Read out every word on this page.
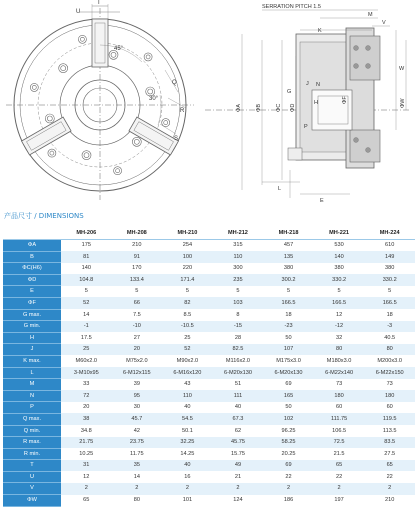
T
U
45°
30°
Q
R
S
SERRATION PITCH 1.5
M
V
K
W
G
J N
H
P
ΦA	ΦB	ΦC ΦD
ΦF	ΦW
L
E
产品尺寸 / DIMENSIONS
	MH-206	MH-208	MH-210	MH-212	MH-218	MH-221	MH-224
ΦA	175	210	254	315	457	530	610
B	81	91	100	110	135	140	149
ΦC(H6)	140	170	220	300	380	380	380
ΦD	104.8	133.4	171.4	235	300.2	330.2	330.2
E	5	5	5	5	5	5	5
ΦF	52	66	82	103	166.5	166.5	166.5
G max.	14	7.5	8.5	8	18	12	18
G min.	-1	-10	-10.5	-15	-23	-12	-3
H	17.5	27	25	28	50	32	40.5
J	25	20	52	82.5	107	80	80
K max.	M60x2.0	M75x2.0	M90x2.0	M116x2.0	M175x3.0	M180x3.0	M200x3.0
L	3-M10x95	6-M12x115	6-M16x120	6-M20x130	6-M20x130	6-M22x140	6-M22x150
M	33	39	43	51	69	73	73
N	72	95	110	111	165	180	180
P	20	30	40	40	50	60	60
Q max.	38	45.7	54.5	67.3	102	111.75	119.5
Q min.	34.8	42	50.1	62	96.25	106.5	113.5
R max.	21.75	23.75	32.25	45.75	58.25	72.5	83.5
R min.	10.25	11.75	14.25	15.75	20.25	21.5	27.5
T	31	35	40	49	69	65	65
U	12	14	16	21	22	22	22
V	2	2	2	2	2	2	2
ΦW	65	80	101	124	186	197	210
